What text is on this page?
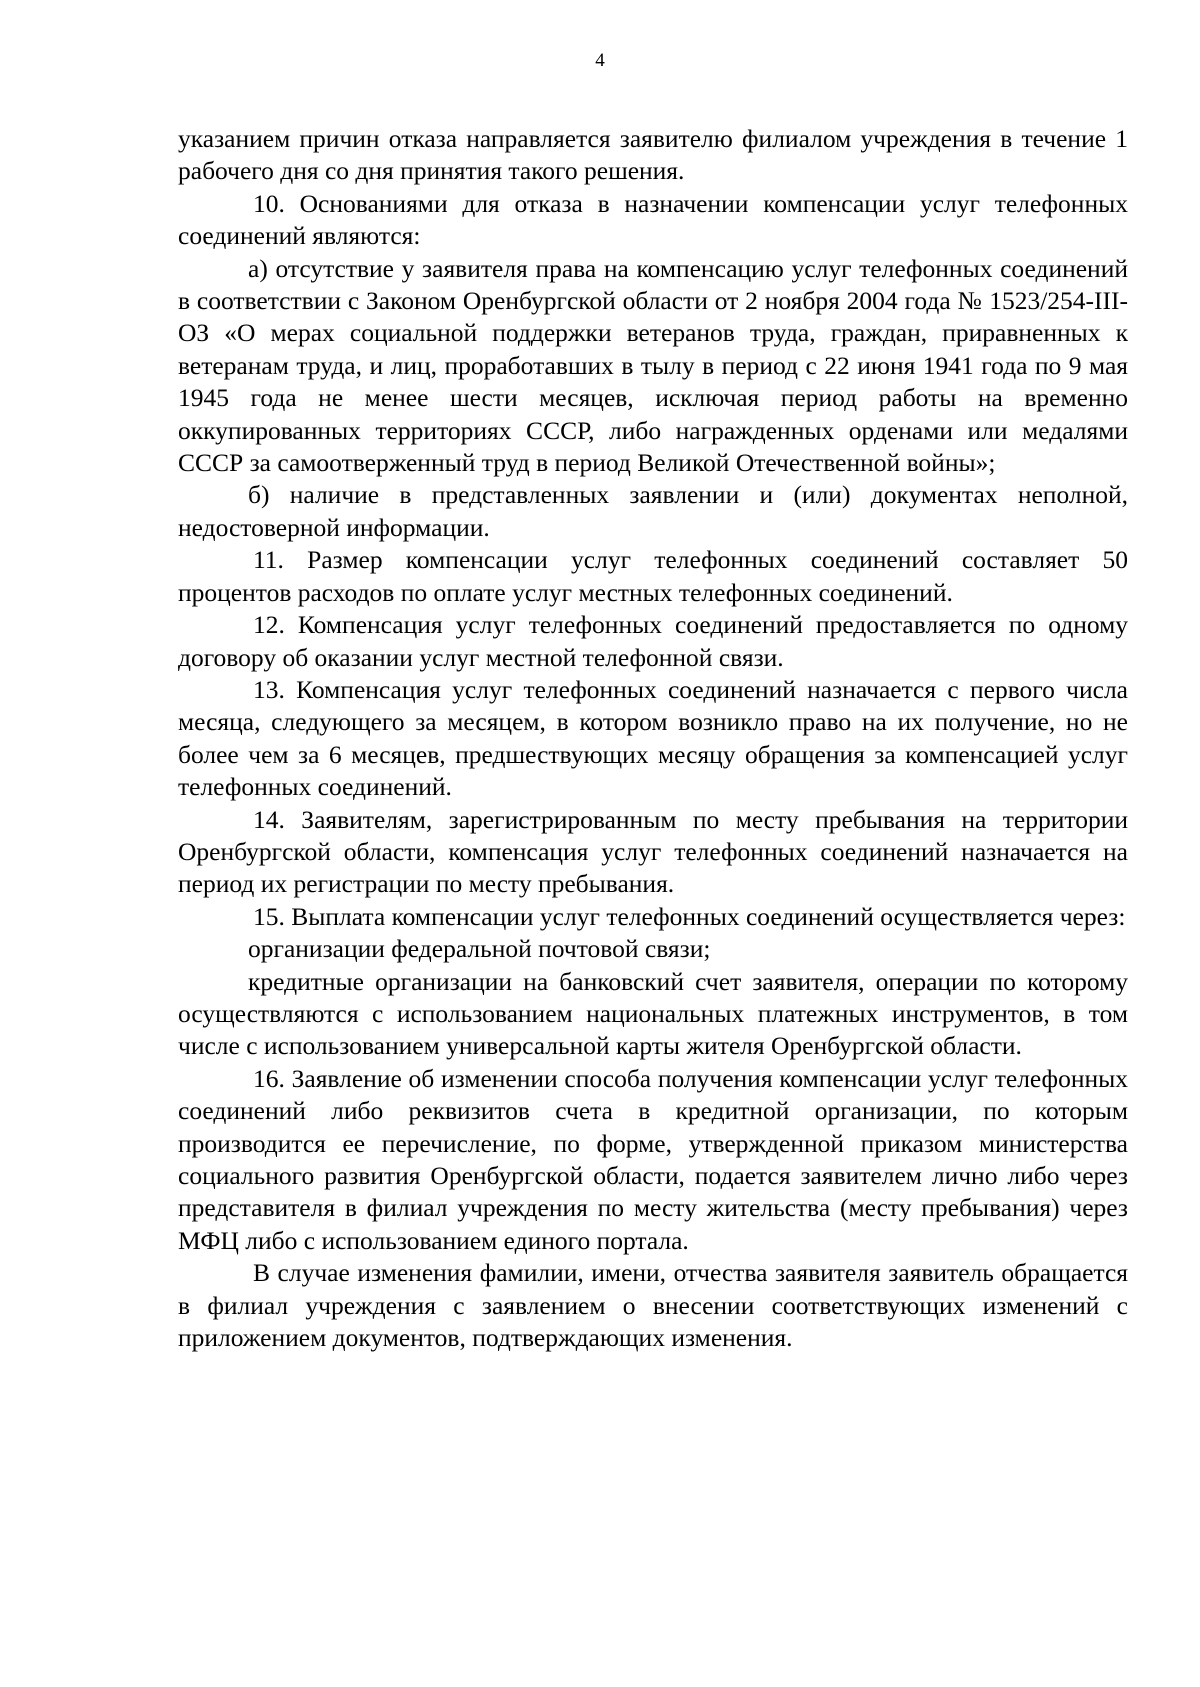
4

указанием причин отказа направляется заявителю филиалом учреждения в течение 1 рабочего дня со дня принятия такого решения.

10. Основаниями для отказа в назначении компенсации услуг телефонных соединений являются:

а) отсутствие у заявителя права на компенсацию услуг телефонных соединений в соответствии с Законом Оренбургской области от 2 ноября 2004 года № 1523/254-III-ОЗ «О мерах социальной поддержки ветеранов труда, граждан, приравненных к ветеранам труда, и лиц, проработавших в тылу в период с 22 июня 1941 года по 9 мая 1945 года не менее шести месяцев, исключая период работы на временно оккупированных территориях СССР, либо награжденных орденами или медалями СССР за самоотверженный труд в период Великой Отечественной войны»;

б) наличие в представленных заявлении и (или) документах неполной, недостоверной информации.

11. Размер компенсации услуг телефонных соединений составляет 50 процентов расходов по оплате услуг местных телефонных соединений.

12. Компенсация услуг телефонных соединений предоставляется по одному договору об оказании услуг местной телефонной связи.

13. Компенсация услуг телефонных соединений назначается с первого числа месяца, следующего за месяцем, в котором возникло право на их получение, но не более чем за 6 месяцев, предшествующих месяцу обращения за компенсацией услуг телефонных соединений.

14. Заявителям, зарегистрированным по месту пребывания на территории Оренбургской области, компенсация услуг телефонных соединений назначается на период их регистрации по месту пребывания.

15. Выплата компенсации услуг телефонных соединений осуществляется через:

организации федеральной почтовой связи;

кредитные организации на банковский счет заявителя, операции по которому осуществляются с использованием национальных платежных инструментов, в том числе с использованием универсальной карты жителя Оренбургской области.

16. Заявление об изменении способа получения компенсации услуг телефонных соединений либо реквизитов счета в кредитной организации, по которым производится ее перечисление, по форме, утвержденной приказом министерства социального развития Оренбургской области, подается заявителем лично либо через представителя в филиал учреждения по месту жительства (месту пребывания) через МФЦ либо с использованием единого портала.

В случае изменения фамилии, имени, отчества заявителя заявитель обращается в филиал учреждения с заявлением о внесении соответствующих изменений с приложением документов, подтверждающих изменения.
